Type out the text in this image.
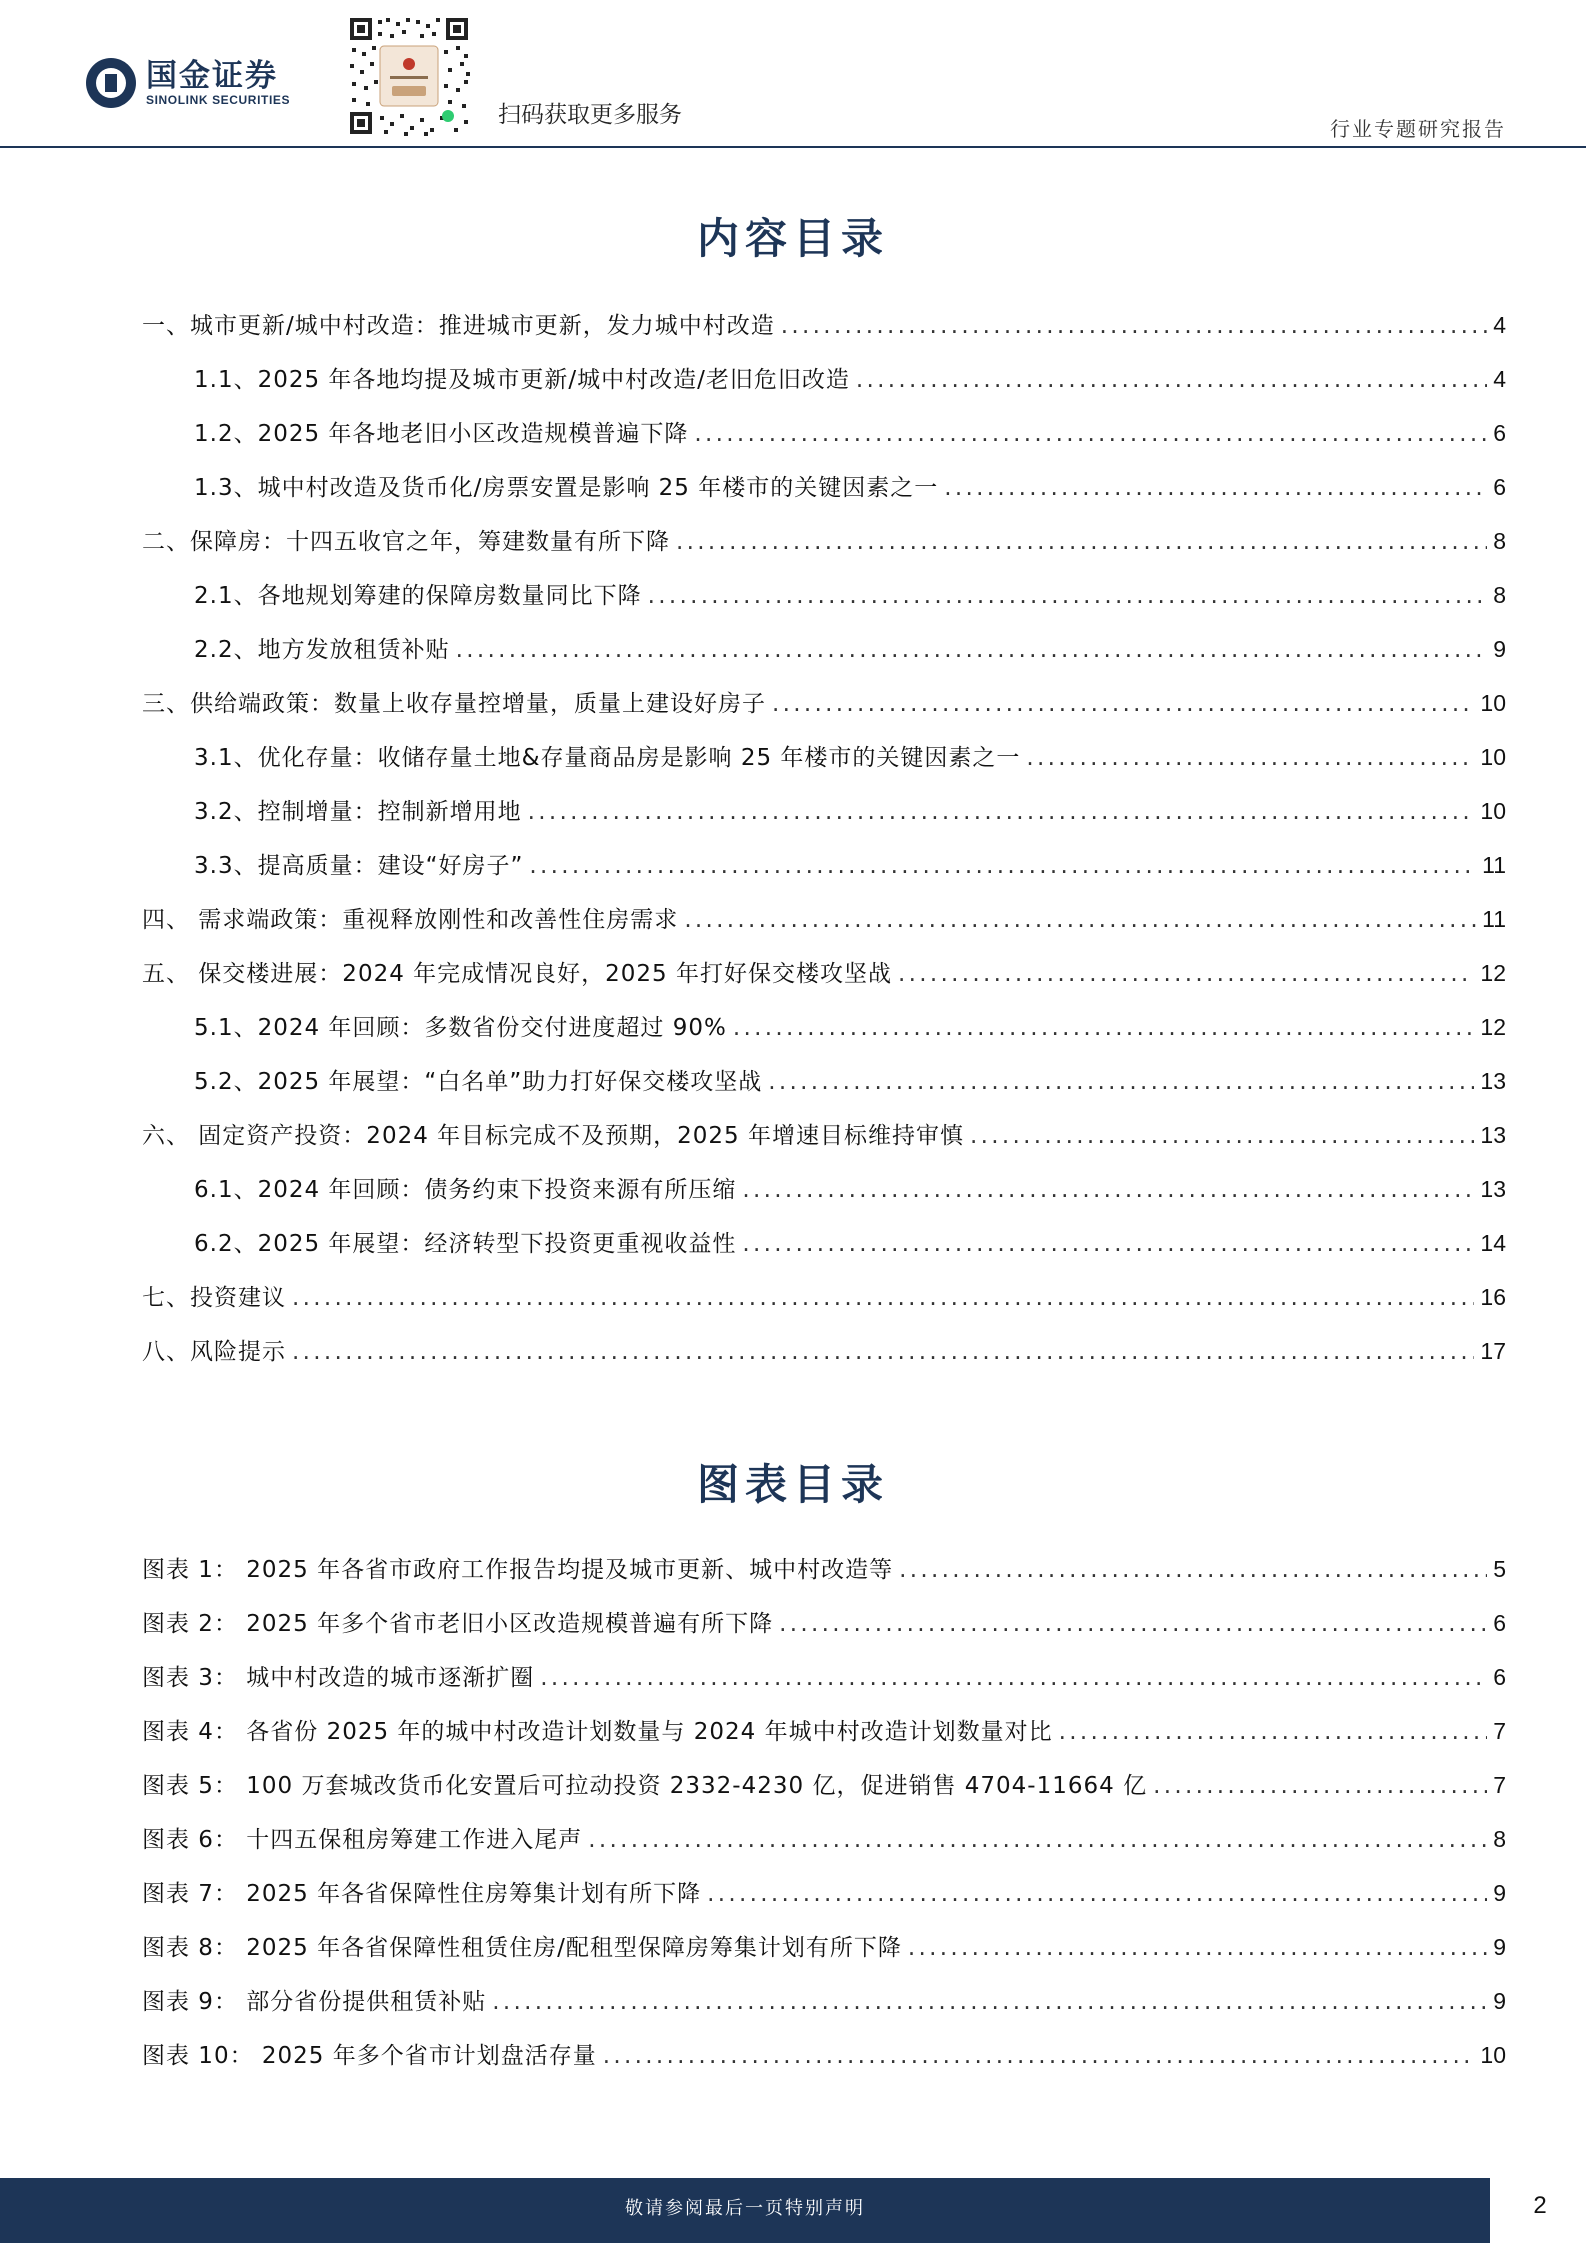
国金证券
SINOLINK SECURITIES
扫码获取更多服务
行业专题研究报告
内容目录
一、城市更新/城中村改造：推进城市更新，发力城中村改造 . . .	4
1.1、2025 年各地均提及城市更新/城中村改造/老旧危旧改造 . . .	4
1.2、2025 年各地老旧小区改造规模普遍下降 . . .	6
1.3、城中村改造及货币化/房票安置是影响 25 年楼市的关键因素之一 . . .	6
二、保障房：十四五收官之年，筹建数量有所下降 . . .	8
2.1、各地规划筹建的保障房数量同比下降 . . .	8
2.2、地方发放租赁补贴 . . .	9
三、供给端政策：数量上收存量控增量，质量上建设好房子 . . .	10
3.1、优化存量：收储存量土地&存量商品房是影响 25 年楼市的关键因素之一 . . .	10
3.2、控制增量：控制新增用地 . . .	10
3.3、提高质量：建设“好房子” . . .	11
四、 需求端政策：重视释放刚性和改善性住房需求 . . .	11
五、 保交楼进展：2024 年完成情况良好，2025 年打好保交楼攻坚战 . . .	12
5.1、2024 年回顾：多数省份交付进度超过 90% . . .	12
5.2、2025 年展望：“白名单”助力打好保交楼攻坚战 . . .	13
六、 固定资产投资：2024 年目标完成不及预期，2025 年增速目标维持审慎 . . .	13
6.1、2024 年回顾：债务约束下投资来源有所压缩 . . .	13
6.2、2025 年展望：经济转型下投资更重视收益性 . . .	14
七、投资建议 . . .	16
八、风险提示 . . .	17
图表目录
图表 1： 2025 年各省市政府工作报告均提及城市更新、城中村改造等 . . .	5
图表 2： 2025 年多个省市老旧小区改造规模普遍有所下降 . . .	6
图表 3： 城中村改造的城市逐渐扩圈 . . .	6
图表 4： 各省份 2025 年的城中村改造计划数量与 2024 年城中村改造计划数量对比 . . .	7
图表 5： 100 万套城改货币化安置后可拉动投资 2332-4230 亿，促进销售 4704-11664 亿 . . .	7
图表 6： 十四五保租房筹建工作进入尾声 . . .	8
图表 7： 2025 年各省保障性住房筹集计划有所下降 . . .	9
图表 8： 2025 年各省保障性租赁住房/配租型保障房筹集计划有所下降 . . .	9
图表 9： 部分省份提供租赁补贴 . . .	9
图表 10： 2025 年多个省市计划盘活存量 . . .	10
敬请参阅最后一页特别声明	2
